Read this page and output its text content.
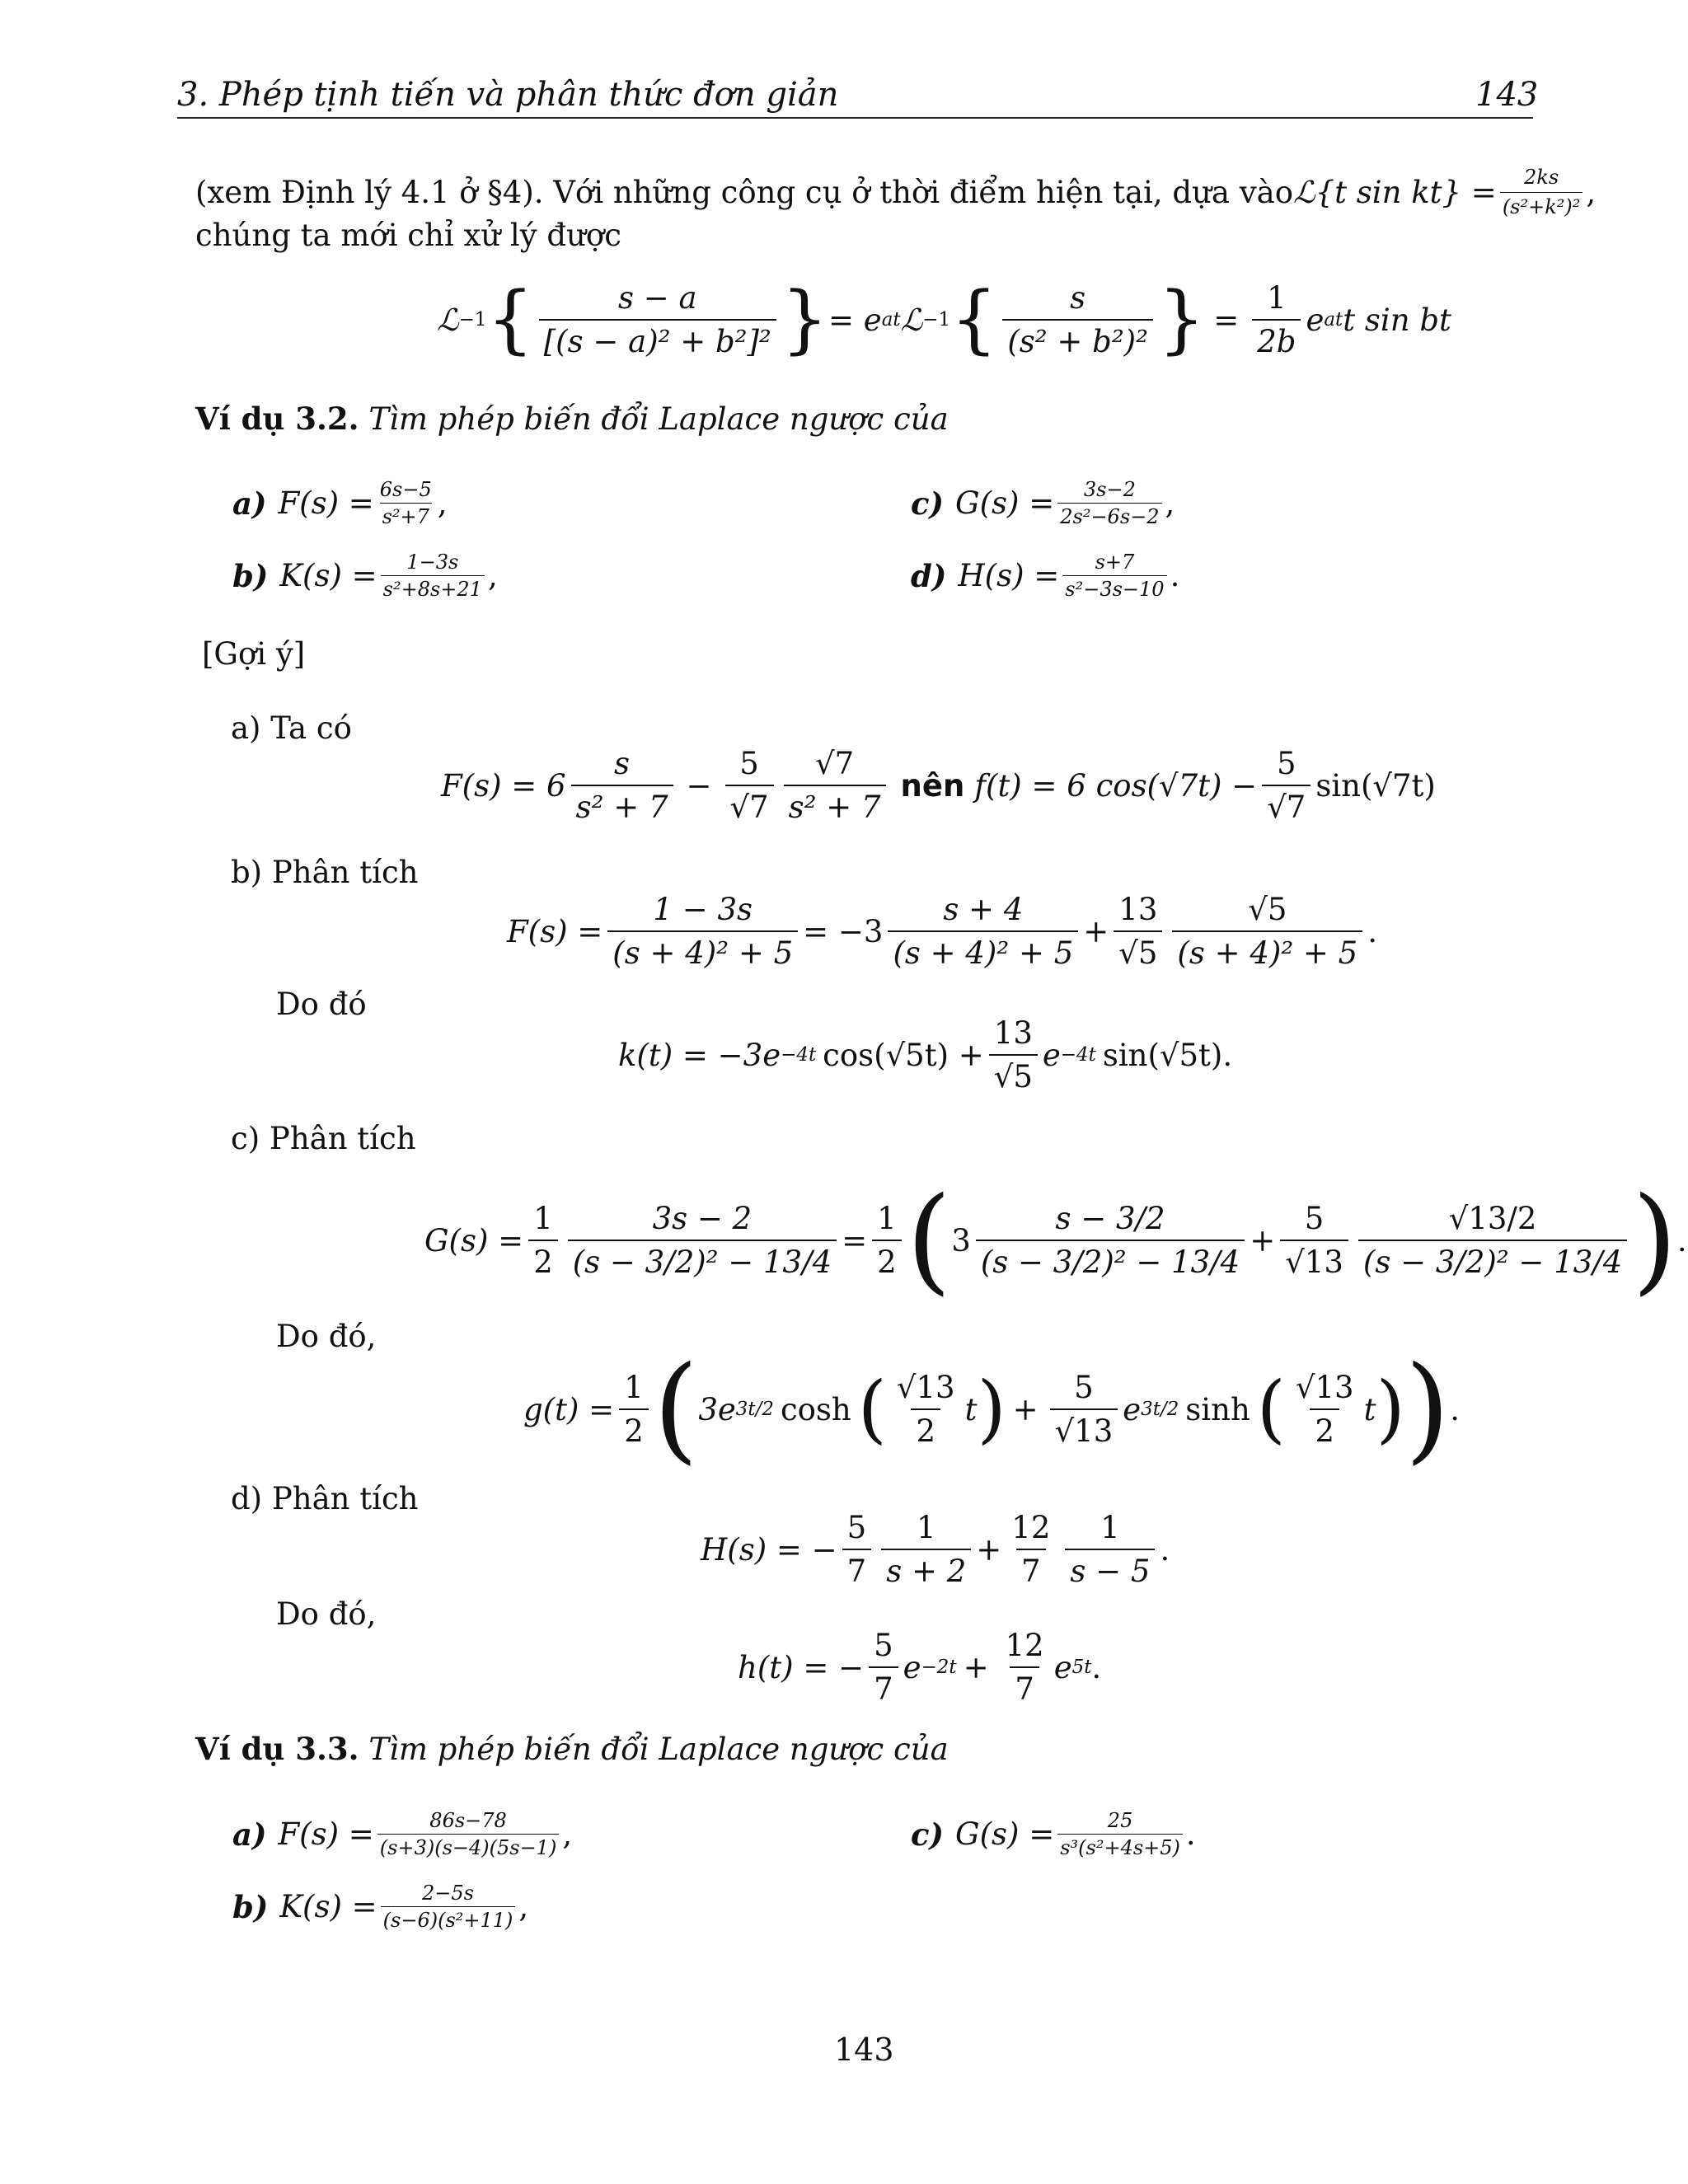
3. Phép tịnh tiến và phân thức đơn giản	143
(xem Định lý 4.1 ở §4). Với những công cụ ở thời điểm hiện tại, dựa vào ℒ{t $\sin kt\} = \frac{2ks}{\text{(s²+k²)²}}$ ,
chúng ta mới chỉ xử lý được
ℒ −1 { $\frac{s - a}{\text{[(s − a)² + b²]²}}$ } = e at ℒ −1 { $\frac{s}{\text{(s² + b²)²}}$ } = $\frac{1}{2b}$ e at t sin bt
Ví dụ 3.2. Tìm phép biến đổi Laplace ngược của
a) $F(s) = \frac{6s-5}{\text{s²+7}}$ ,
b) $K(s) = \frac{1-3s}{\text{s²+8s+21}}$ ,
c) $G(s) = \frac{3s-2}{\text{2s²−6s−2}}$ ,
d) $H(s) = \frac{s+7}{\text{s²−3s−10}}$ .
[Gợi ý]
a) Ta có
$F(s) = 6 \frac{s}{\text{s² + 7}} - \frac{5}{√7} \frac{√7}{\text{s² + 7}}$ nên f(t) = 6 $\cos(√7t) - \frac{5}{√7} \sin(√7t)$
b) Phân tích
$F(s) = \frac{1 - 3s}{\text{(s + 4)² + 5}} = -3 \frac{s + 4}{\text{(s + 4)² + 5}} + \frac{13}{√5} \frac{√5}{\text{(s + 4)² + 5}}$ .
Do đó
k(t) = −3e −4t $\cos(√5t) + \frac{13}{√5}$ e −4t sin(√5t).
c) Phân tích
$G(s) = \frac{1}{2} \frac{3s - 2}{\text{(s − 3/2)² − 13/4}} = \frac{1}{2}$ ( $3 \frac{s - 3/2}{\text{(s − 3/2)² − 13/4}} + \frac{5}{√13} \frac{√13/2}{\text{(s − 3/2)² − 13/4}}$ ) .
Do đó,
$g(t) = \frac{1}{2}$ ( 3e 3t/2 cosh ( $\frac{√13}{2}$ t ) + $\frac{5}{√13}$ e 3t/2 sinh ( $\frac{√13}{2}$ t ) ) .
d) Phân tích
H(s) = − $\frac{5}{7} \frac{1}{s + 2} + \frac{12}{7} \frac{1}{s - 5}$ .
Do đó,
h(t) = − $\frac{5}{7}$ $e -2t + \frac{12}{7}$ e 5t .
Ví dụ 3.3. Tìm phép biến đổi Laplace ngược của
a) $F(s) = \frac{86s-78}{(s+3)(s-4)(5s-1)}$ ,
b) $K(s) = \frac{2-5s}{\text{(s−6)(s²+11)}}$ ,
c) $G(s) = \frac{25}{\text{s³(s²+4s+5)}}$ .
143
